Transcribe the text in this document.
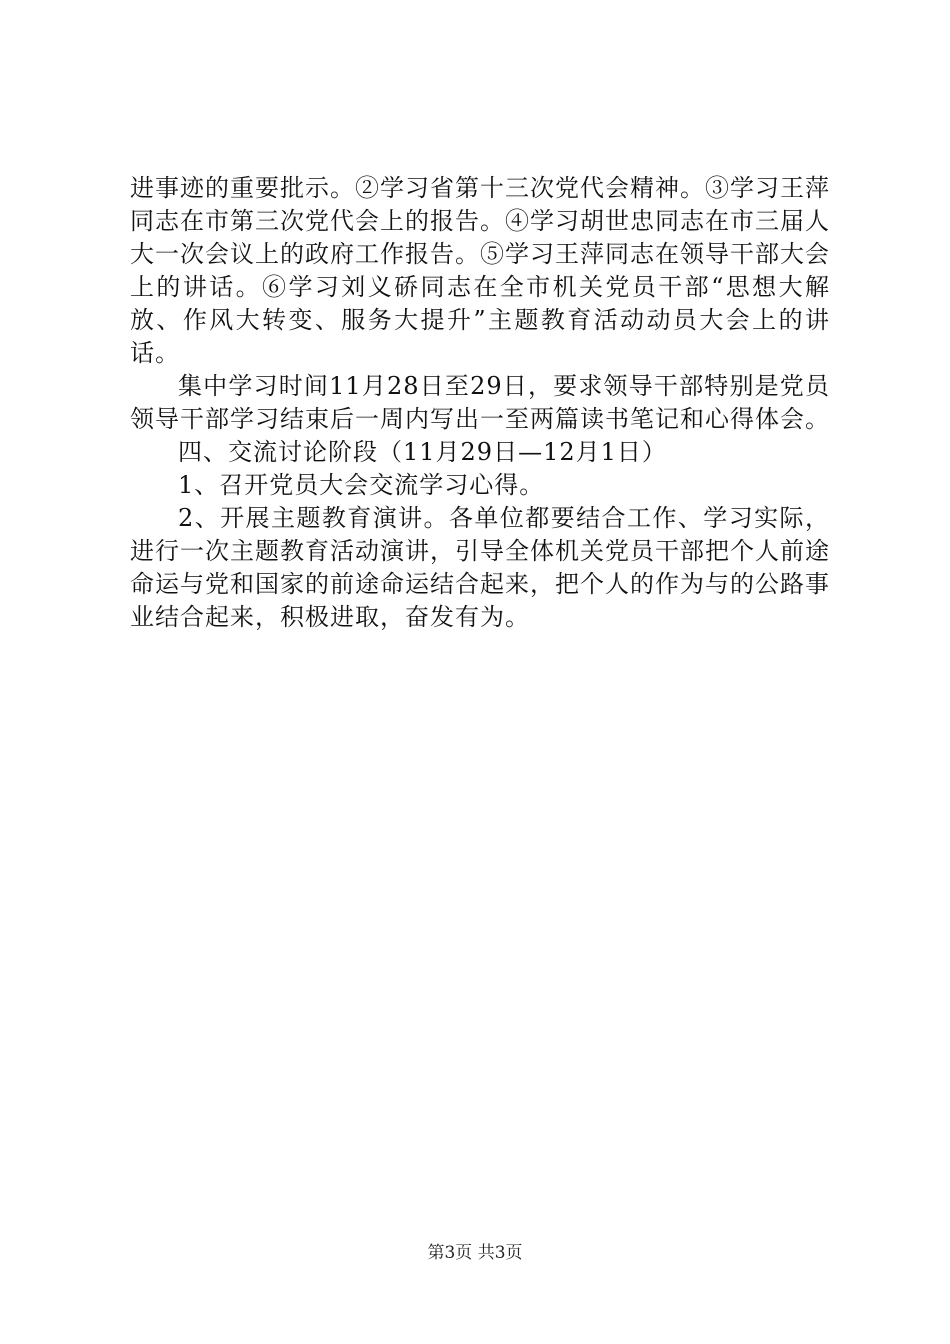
进事迹的重要批示。②学习省第十三次党代会精神。③学习王萍同志在市第三次党代会上的报告。④学习胡世忠同志在市三届人大一次会议上的政府工作报告。⑤学习王萍同志在领导干部大会上的讲话。⑥学习刘义硚同志在全市机关党员干部“思想大解放、作风大转变、服务大提升”主题教育活动动员大会上的讲话。

集中学习时间11月28日至29日，要求领导干部特别是党员领导干部学习结束后一周内写出一至两篇读书笔记和心得体会。

四、交流讨论阶段（11月29日—12月1日）

1、召开党员大会交流学习心得。

2、开展主题教育演讲。各单位都要结合工作、学习实际，进行一次主题教育活动演讲，引导全体机关党员干部把个人前途命运与党和国家的前途命运结合起来，把个人的作为与的公路事业结合起来，积极进取，奋发有为。

第3页 共3页
